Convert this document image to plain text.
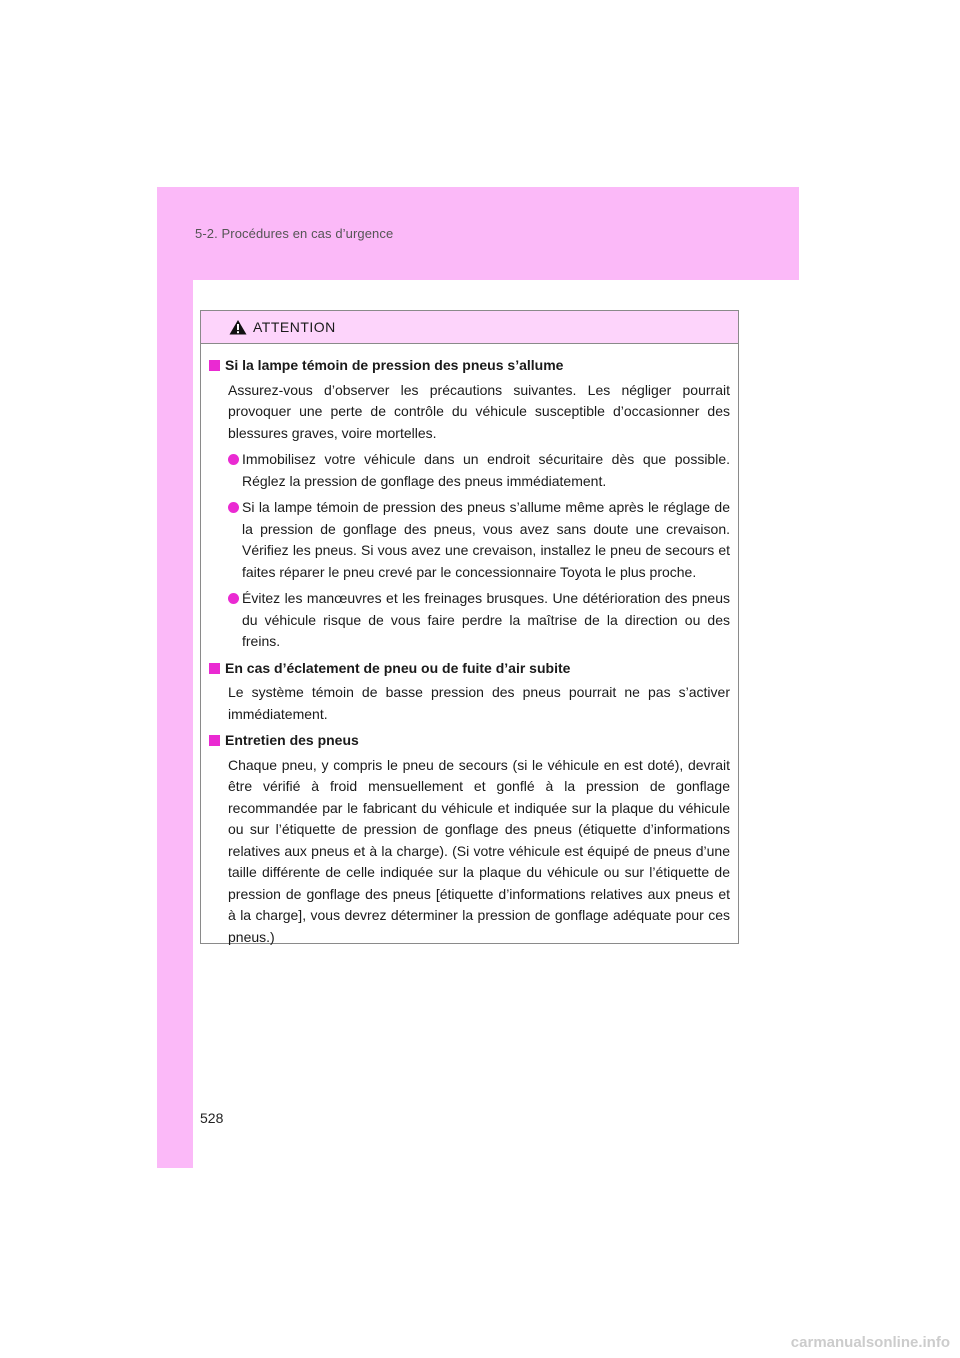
5-2. Procédures en cas d’urgence
ATTENTION
Si la lampe témoin de pression des pneus s’allume
Assurez-vous d’observer les précautions suivantes. Les négliger pourrait provoquer une perte de contrôle du véhicule susceptible d’occasionner des blessures graves, voire mortelles.
Immobilisez votre véhicule dans un endroit sécuritaire dès que possible. Réglez la pression de gonflage des pneus immédiatement.
Si la lampe témoin de pression des pneus s’allume même après le réglage de la pression de gonflage des pneus, vous avez sans doute une crevaison. Vérifiez les pneus. Si vous avez une crevaison, installez le pneu de secours et faites réparer le pneu crevé par le concessionnaire Toyota le plus proche.
Évitez les manœuvres et les freinages brusques. Une détérioration des pneus du véhicule risque de vous faire perdre la maîtrise de la direction ou des freins.
En cas d’éclatement de pneu ou de fuite d’air subite
Le système témoin de basse pression des pneus pourrait ne pas s’activer immédiatement.
Entretien des pneus
Chaque pneu, y compris le pneu de secours (si le véhicule en est doté), devrait être vérifié à froid mensuellement et gonflé à la pression de gonflage recommandée par le fabricant du véhicule et indiquée sur la plaque du véhicule ou sur l’étiquette de pression de gonflage des pneus (étiquette d’informations relatives aux pneus et à la charge). (Si votre véhicule est équipé de pneus d’une taille différente de celle indiquée sur la plaque du véhicule ou sur l’étiquette de pression de gonflage des pneus [étiquette d’informations relatives aux pneus et à la charge], vous devrez déterminer la pression de gonflage adéquate pour ces pneus.)
528
carmanualsonline.info
